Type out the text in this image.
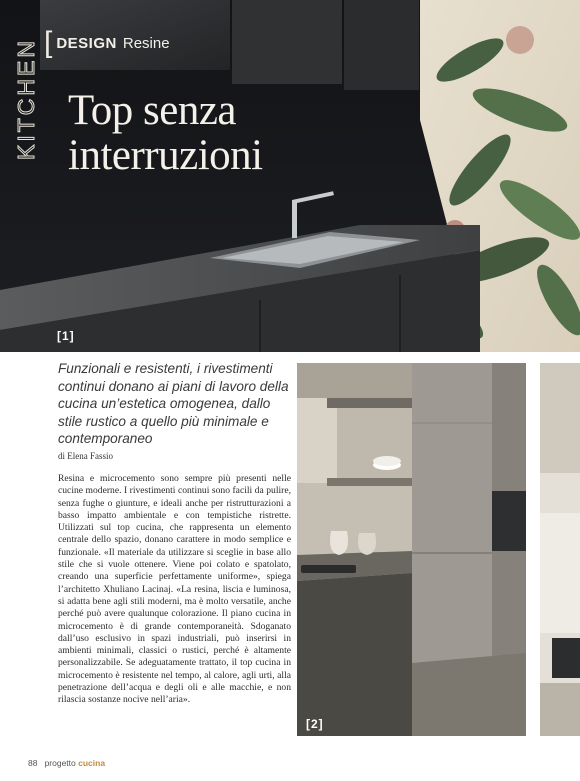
KITCHEN [ DESIGN Resine
Top senza
interruzioni
[1]
Funzionali e resistenti, i rivestimenti continui donano ai piani di lavoro della cucina un’estetica omogenea, dallo stile rustico a quello più minimale e contemporaneo
di Elena Fassio
Resina e microcemento sono sempre più presenti nelle cucine moderne. I rivestimenti continui sono facili da pulire, senza fughe o giunture, e ideali anche per ristrutturazioni a basso impatto ambientale e con tempistiche ristrette. Utilizzati sul top cucina, che rappresenta un elemento centrale dello spazio, donano carattere in modo semplice e funzionale. «Il materiale da utilizzare si sceglie in base allo stile che si vuole ottenere. Viene poi colato e spatolato, creando una superficie perfettamente uniforme», spiega l’architetto Xhuliano Lacinaj. «La resina, liscia e luminosa, si adatta bene agli stili moderni, ma è molto versatile, anche perché può avere qualunque colorazione. Il piano cucina in microcemento è di grande contemporaneità. Sdoganato dall’uso esclusivo in spazi industriali, può inserirsi in ambienti minimali, classici o rustici, perché è altamente personalizzabile. Se adeguatamente trattato, il top cucina in microcemento è resistente nel tempo, al calore, agli urti, alla penetrazione dell’acqua e degli oli e alle macchie, e non rilascia sostanze nocive nell’aria».
[2]
88 progetto cucina
